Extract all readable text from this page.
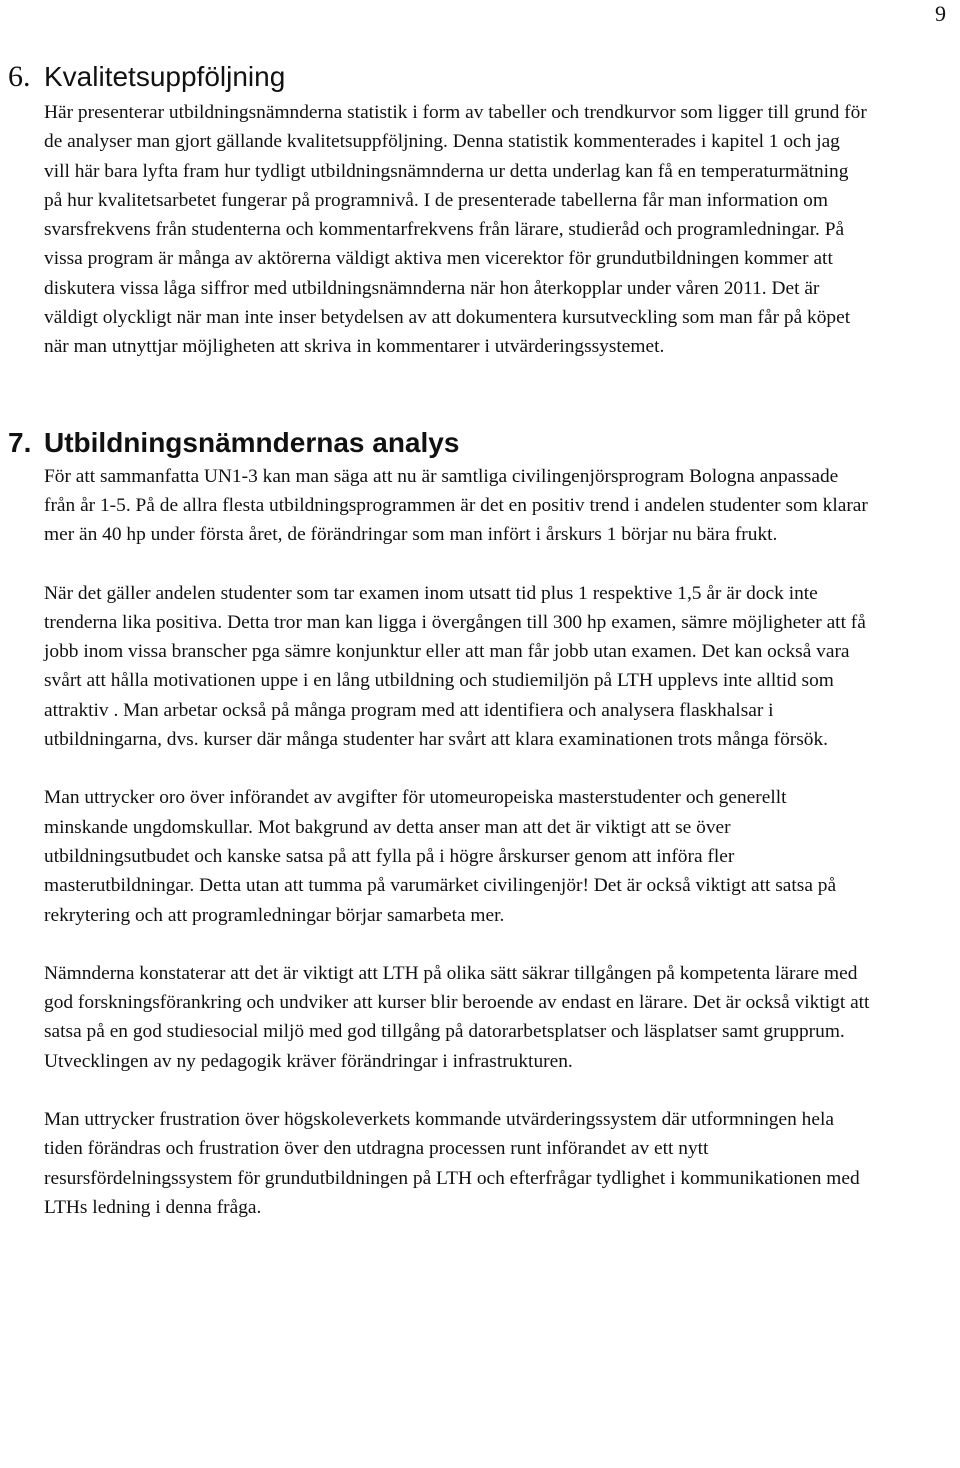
9
6. Kvalitetsuppföljning

Här presenterar utbildningsnämnderna statistik i form av tabeller och trendkurvor som ligger till grund för de analyser man gjort gällande kvalitetsuppföljning. Denna statistik kommenterades i kapitel 1 och jag vill här bara lyfta fram hur tydligt utbildningsnämnderna ur detta underlag kan få en temperaturmätning på hur kvalitetsarbetet fungerar på programnivå. I de presenterade tabellerna får man information om svarsfrekvens från studenterna och kommentarfrekvens från lärare, studieråd och programledningar. På vissa program är många av aktörerna väldigt aktiva men vicerektor för grundutbildningen kommer att diskutera vissa låga siffror med utbildningsnämnderna när hon återkopplar under våren 2011. Det är väldigt olyckligt när man inte inser betydelsen av att dokumentera kursutveckling som man får på köpet när man utnyttjar möjligheten att skriva in kommentarer i utvärderingssystemet.

7. Utbildningsnämndernas analys

För att sammanfatta UN1-3 kan man säga att nu är samtliga civilingenjörsprogram Bologna anpassade från år 1-5. På de allra flesta utbildningsprogrammen är det en positiv trend i andelen studenter som klarar mer än 40 hp under första året, de förändringar som man infört i årskurs 1 börjar nu bära frukt.

När det gäller andelen studenter som tar examen inom utsatt tid plus 1 respektive 1,5 år är dock inte trenderna lika positiva. Detta tror man kan ligga i övergången till 300 hp examen, sämre möjligheter att få jobb inom vissa branscher pga sämre konjunktur eller att man får jobb utan examen. Det kan också vara svårt att hålla motivationen uppe i en lång utbildning och studiemiljön på LTH upplevs inte alltid som attraktiv . Man arbetar också på många program med att identifiera och analysera flaskhalsar i utbildningarna, dvs. kurser där många studenter har svårt att klara examinationen trots många försök.

Man uttrycker oro över införandet av avgifter för utomeuropeiska masterstudenter och generellt minskande ungdomskullar. Mot bakgrund av detta anser man att det är viktigt att se över utbildningsutbudet och kanske satsa på att fylla på i högre årskurser genom att införa fler masterutbildningar. Detta utan att tumma på varumärket civilingenjör! Det är också viktigt att satsa på rekrytering och att programledningar börjar samarbeta mer.

Nämnderna konstaterar att det är viktigt att LTH på olika sätt säkrar tillgången på kompetenta lärare med god forskningsförankring och undviker att kurser blir beroende av endast en lärare. Det är också viktigt att satsa på en god studiesocial miljö med god tillgång på datorarbetsplatser och läsplatser samt grupprum. Utvecklingen av ny pedagogik kräver förändringar i infrastrukturen.

Man uttrycker frustration över högskoleverkets kommande utvärderingssystem där utformningen hela tiden förändras och frustration över den utdragna processen runt införandet av ett nytt resursfördelningssystem för grundutbildningen på LTH och efterfrågar tydlighet i kommunikationen med LTHs ledning i denna fråga.
